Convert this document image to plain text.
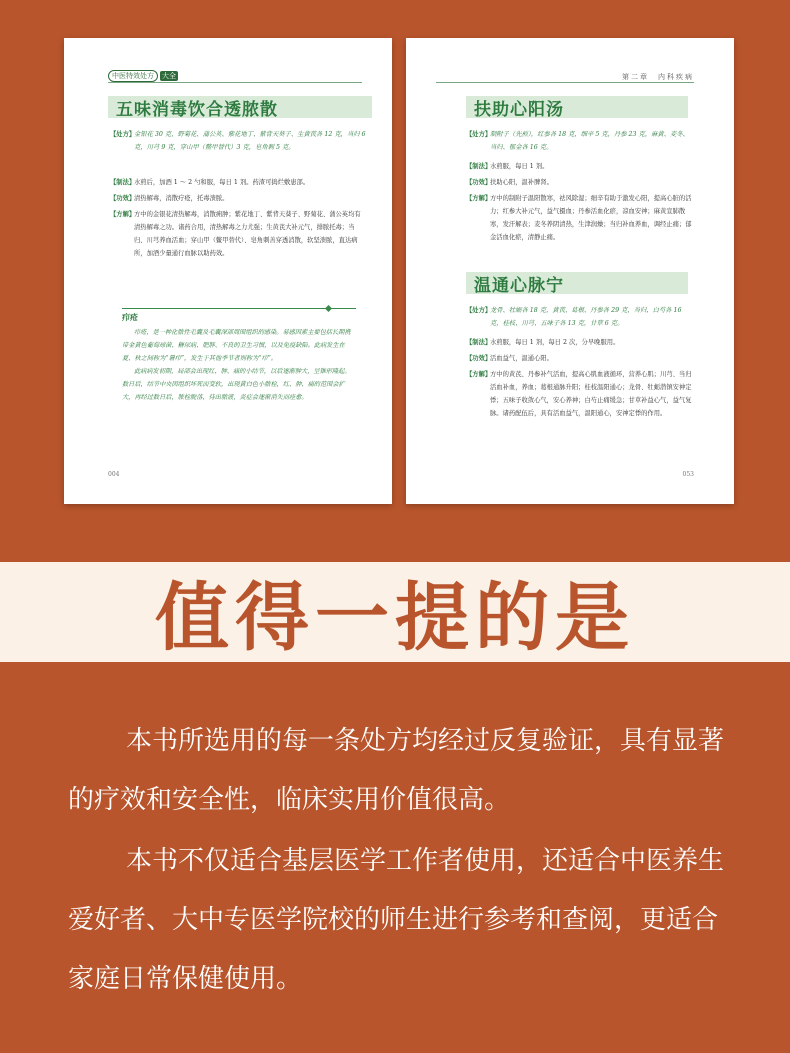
中医特效处方	大全
五味消毒饮合透脓散
【处方】
金银花 30 克，野菊花、蒲公英、紫花地丁、紫背天葵子、生黄芪各 12 克，当归 6 克，川芎 9 克，穿山甲（鳖甲替代）3 克，皂角刺 5 克。
【制法】
水煎后，加酒 1 ～ 2 勺和服，每日 1 剂。药渣可捣烂敷患部。
【功效】
清热解毒，消散疔疮，托毒溃脓。
【方解】
方中的金银花清热解毒，消散痈肿；紫花地丁、紫背天葵子、野菊花、蒲公英均有清热解毒之功。诸药合用，清热解毒之力尤强；生黄芪大补元气，排脓托毒；当归、川芎养血活血；穿山甲（鳖甲替代）、皂角刺善穿透消散，软坚溃脓，直达病所，加酒少量通行血脉以助药效。
疖疮

疖疮，是一种化脓性毛囊及毛囊深部周围组织的感染。易感因素主要包括长期携带金黄色葡萄球菌、糖尿病、肥胖、不良的卫生习惯，以及免疫缺陷。此病发生在夏、秋之间称为“暑疖”，发生于其他季节者则称为“疖”。

此病病发初期，局部会出现红、肿、痛的小结节，以后逐渐肿大，呈锥形隆起。数日后，结节中央因组织坏死而变软，出现黄白色小脓栓，红、肿、痛的范围会扩大，再经过数日后，脓栓脱落，待出脓液，炎症会逐渐消失而痊愈。

004
第二章　内科疾病
扶助心阳汤
【处方】
制附子（先煎），红参各 18 克，细辛 5 克，丹参 23 克，麻黄、麦冬、当归、郁金各 16 克。
【制法】
水煎服，每日 1 剂。
【功效】
扶助心阳，温补脾肾。
【方解】
方中的制附子温阳散寒，祛风除湿；细辛有助于激发心阳，提高心脏的活力；红参大补元气，益气摄血；丹参活血化瘀，凉血安神；麻黄宣肺散寒，发汗解表；麦冬养阴清热，生津润燥；当归补血养血，调经止痛；郁金活血化瘀，清静止痛。
温通心脉宁
【处方】
龙骨、牡蛎各 18 克，黄芪、葛根、丹参各 29 克，当归、白芍各 16 克，桂枝、川芎、五味子各 13 克，甘草 6 克。
【制法】
水煎服，每日 1 剂，每日 2 次，分早晚服用。
【功效】
活血益气，温通心阳。
【方解】
方中的黄芪、丹参补气活血，提高心肌血液循环，营养心肌；川芎、当归活血补血，养血；葛根通脉升阳；桂枝温阳通心；龙骨、牡蛎潜镇安神定悸；五味子收敛心气，安心养神；白芍止痛缓急；甘草补益心气，益气复脉。诸药配伍后，具有活血益气，温阳通心，安神定悸的作用。
053
值得一提的是

本书所选用的每一条处方均经过反复验证，具有显著的疗效和安全性，临床实用价值很高。

本书不仅适合基层医学工作者使用，还适合中医养生爱好者、大中专医学院校的师生进行参考和查阅，更适合家庭日常保健使用。
